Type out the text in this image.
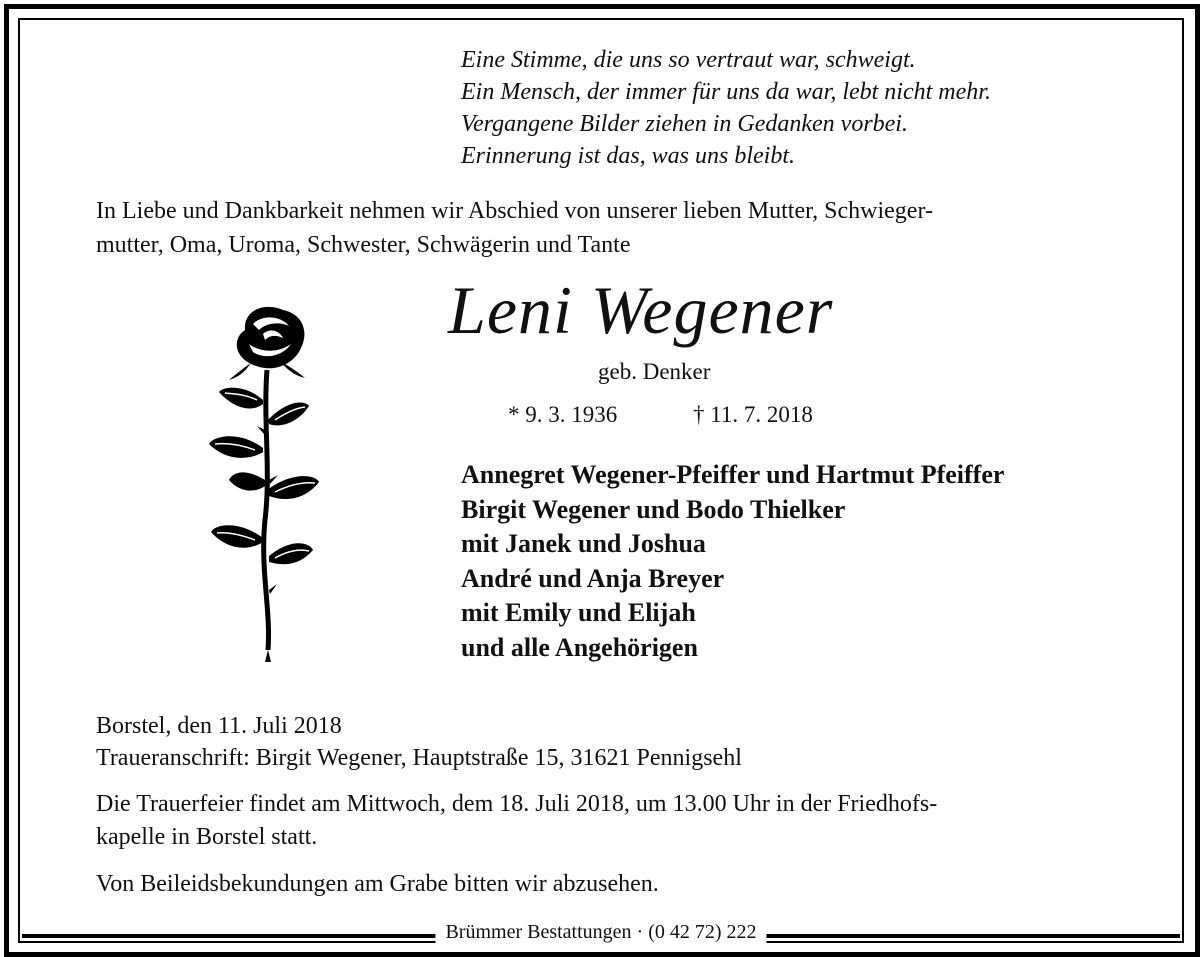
Eine Stimme, die uns so vertraut war, schweigt.
Ein Mensch, der immer für uns da war, lebt nicht mehr.
Vergangene Bilder ziehen in Gedanken vorbei.
Erinnerung ist das, was uns bleibt.
In Liebe und Dankbarkeit nehmen wir Abschied von unserer lieben Mutter, Schwieger-
mutter, Oma, Uroma, Schwester, Schwägerin und Tante
Leni Wegener
geb. Denker
* 9. 3. 1936	† 11. 7. 2018
Annegret Wegener-Pfeiffer und Hartmut Pfeiffer
Birgit Wegener und Bodo Thielker
mit Janek und Joshua
André und Anja Breyer
mit Emily und Elijah
und alle Angehörigen
Borstel, den 11. Juli 2018
Traueranschrift: Birgit Wegener, Hauptstraße 15, 31621 Pennigsehl
Die Trauerfeier findet am Mittwoch, dem 18. Juli 2018, um 13.00 Uhr in der Friedhofs-
kapelle in Borstel statt.
Von Beileidsbekundungen am Grabe bitten wir abzusehen.
Brümmer Bestattungen · (0 42 72) 222
